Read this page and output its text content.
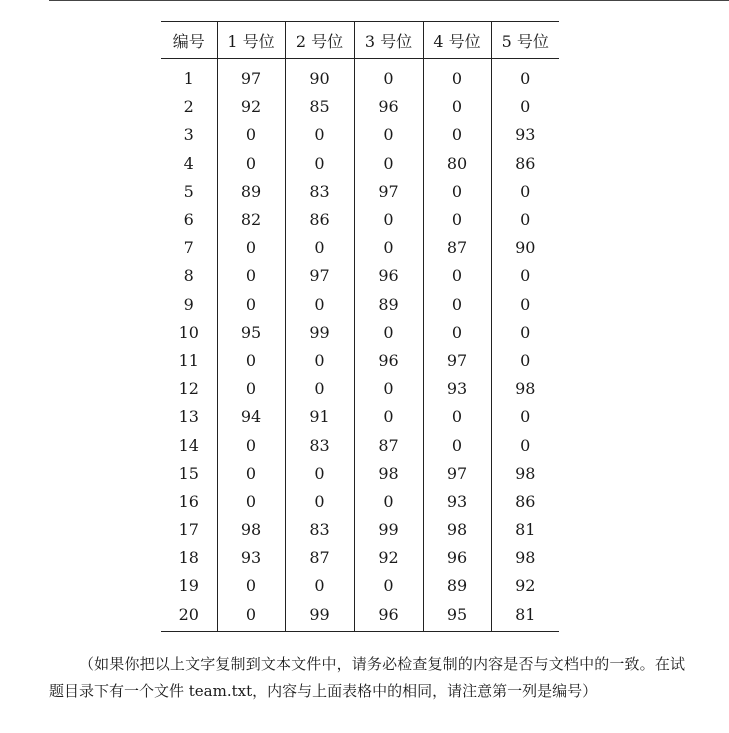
编号	1 号位	2 号位	3 号位	4 号位	5 号位
1	97	90	0	0	0
2	92	85	96	0	0
3	0	0	0	0	93
4	0	0	0	80	86
5	89	83	97	0	0
6	82	86	0	0	0
7	0	0	0	87	90
8	0	97	96	0	0
9	0	0	89	0	0
10	95	99	0	0	0
11	0	0	96	97	0
12	0	0	0	93	98
13	94	91	0	0	0
14	0	83	87	0	0
15	0	0	98	97	98
16	0	0	0	93	86
17	98	83	99	98	81
18	93	87	92	96	98
19	0	0	0	89	92
20	0	99	96	95	81

（如果你把以上文字复制到文本文件中，请务必检查复制的内容是否与文档中的一致。在试题目录下有一个文件 team.txt，内容与上面表格中的相同，请注意第一列是编号）
